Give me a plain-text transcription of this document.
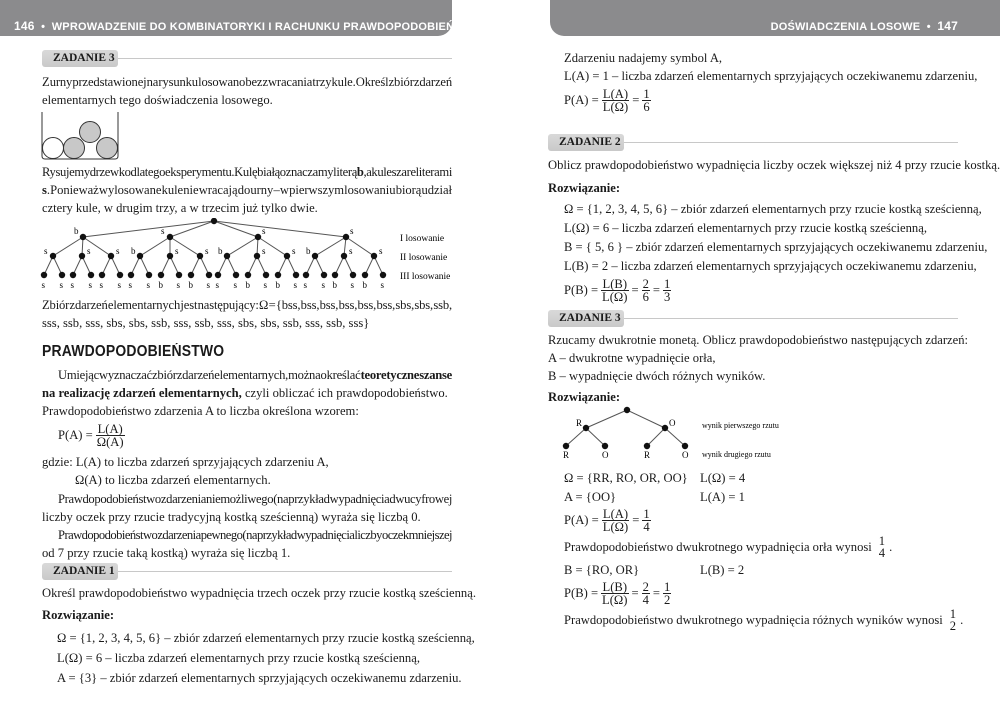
146 • WPROWADZENIE DO KOMBINATORYKI I RACHUNKU PRAWDOPODOBIEŃSTWA
ZADANIE 3
Z urny przedstawionej na rysunku losowano bez zwracania trzy kule. Określ zbiór zdarzeń
elementarnych tego doświadczenia losowego.
Rysujemy drzewko dla tego eksperymentu. Kulę białą oznaczamy literą b, a kule szare literami
s. Ponieważ wylosowane kule nie wracają do urny – w pierwszym losowaniu biorą udział
cztery kule, w drugim trzy, a w trzecim już tylko dwie.
b	s	s	s
s	s	s b	s	s b	s	s b	s	s
s s s s s s s s b s b s s s b s b s s s b s b s
I losowanie
II losowanie
III losowanie
Zbiór zdarzeń elementarnych jest następujący: Ω = {bss, bss, bss, bss, bss, bss, sbs, sbs, ssb,
sss, ssb, sss, sbs, sbs, ssb, sss, ssb, sss, sbs, sbs, ssb, sss, ssb, sss}
PRAWDOPODOBIEŃSTWO
Umiejąc wyznaczać zbiór zdarzeń elementarnych, można określać teoretyczne szanse
na realizację zdarzeń elementarnych, czyli obliczać ich prawdopodobieństwo.
Prawdopodobieństwo zdarzenia A to liczba określona wzorem:
$P(A) = \frac{L(A)}{\Omega(A)}$
gdzie: L(A) to liczba zdarzeń sprzyjających zdarzeniu A,
Ω(A) to liczba zdarzeń elementarnych.
Prawdopodobieństwo zdarzenia niemożliwego (na przykład wypadnięcia dwucyfrowej
liczby oczek przy rzucie tradycyjną kostką sześcienną) wyraża się liczbą 0.
Prawdopodobieństwo zdarzenia pewnego (na przykład wypadnięcia liczby oczek mniejszej
od 7 przy rzucie taką kostką) wyraża się liczbą 1.
ZADANIE 1
Określ prawdopodobieństwo wypadnięcia trzech oczek przy rzucie kostką sześcienną.
Rozwiązanie:
Ω = {1, 2, 3, 4, 5, 6} – zbiór zdarzeń elementarnych przy rzucie kostką sześcienną,
L(Ω) = 6 – liczba zdarzeń elementarnych przy rzucie kostką sześcienną,
A = {3} – zbiór zdarzeń elementarnych sprzyjających oczekiwanemu zdarzeniu.
DOŚWIADCZENIA LOSOWE • 147
Zdarzeniu nadajemy symbol A,
L(A) = 1 – liczba zdarzeń elementarnych sprzyjających oczekiwanemu zdarzeniu,
$P(A) = \frac{L(A)}{L(\Omega)} = \frac{1}{6}$
ZADANIE 2
Oblicz prawdopodobieństwo wypadnięcia liczby oczek większej niż 4 przy rzucie kostką.
Rozwiązanie:
Ω = {1, 2, 3, 4, 5, 6} – zbiór zdarzeń elementarnych przy rzucie kostką sześcienną,
L(Ω) = 6 – liczba zdarzeń elementarnych przy rzucie kostką sześcienną,
B = { 5, 6 } – zbiór zdarzeń elementarnych sprzyjających oczekiwanemu zdarzeniu,
L(B) = 2 – liczba zdarzeń elementarnych sprzyjających oczekiwanemu zdarzeniu,
$P(B) = \frac{L(B)}{L(\Omega)} = \frac{2}{6} = \frac{1}{3}$
ZADANIE 3
Rzucamy dwukrotnie monetą. Oblicz prawdopodobieństwo następujących zdarzeń:
A – dwukrotne wypadnięcie orła,
B – wypadnięcie dwóch różnych wyników.
Rozwiązanie:
R	O
R	O	R	O
wynik pierwszego rzutu
wynik drugiego rzutu
Ω = {RR, RO, OR, OO} L(Ω) = 4
A = {OO}	L(A) = 1
$P(A) = \frac{L(A)}{L(\Omega)} = \frac{1}{4}$
Prawdopodobieństwo dwukrotnego wypadnięcia orła wynosi 1
4 .
B = {RO, OR}	L(B) = 2
$P(B) = \frac{L(B)}{L(\Omega)} = \frac{2}{4} = \frac{1}{2}$
Prawdopodobieństwo dwukrotnego wypadnięcia różnych wyników wynosi 1
2 .
